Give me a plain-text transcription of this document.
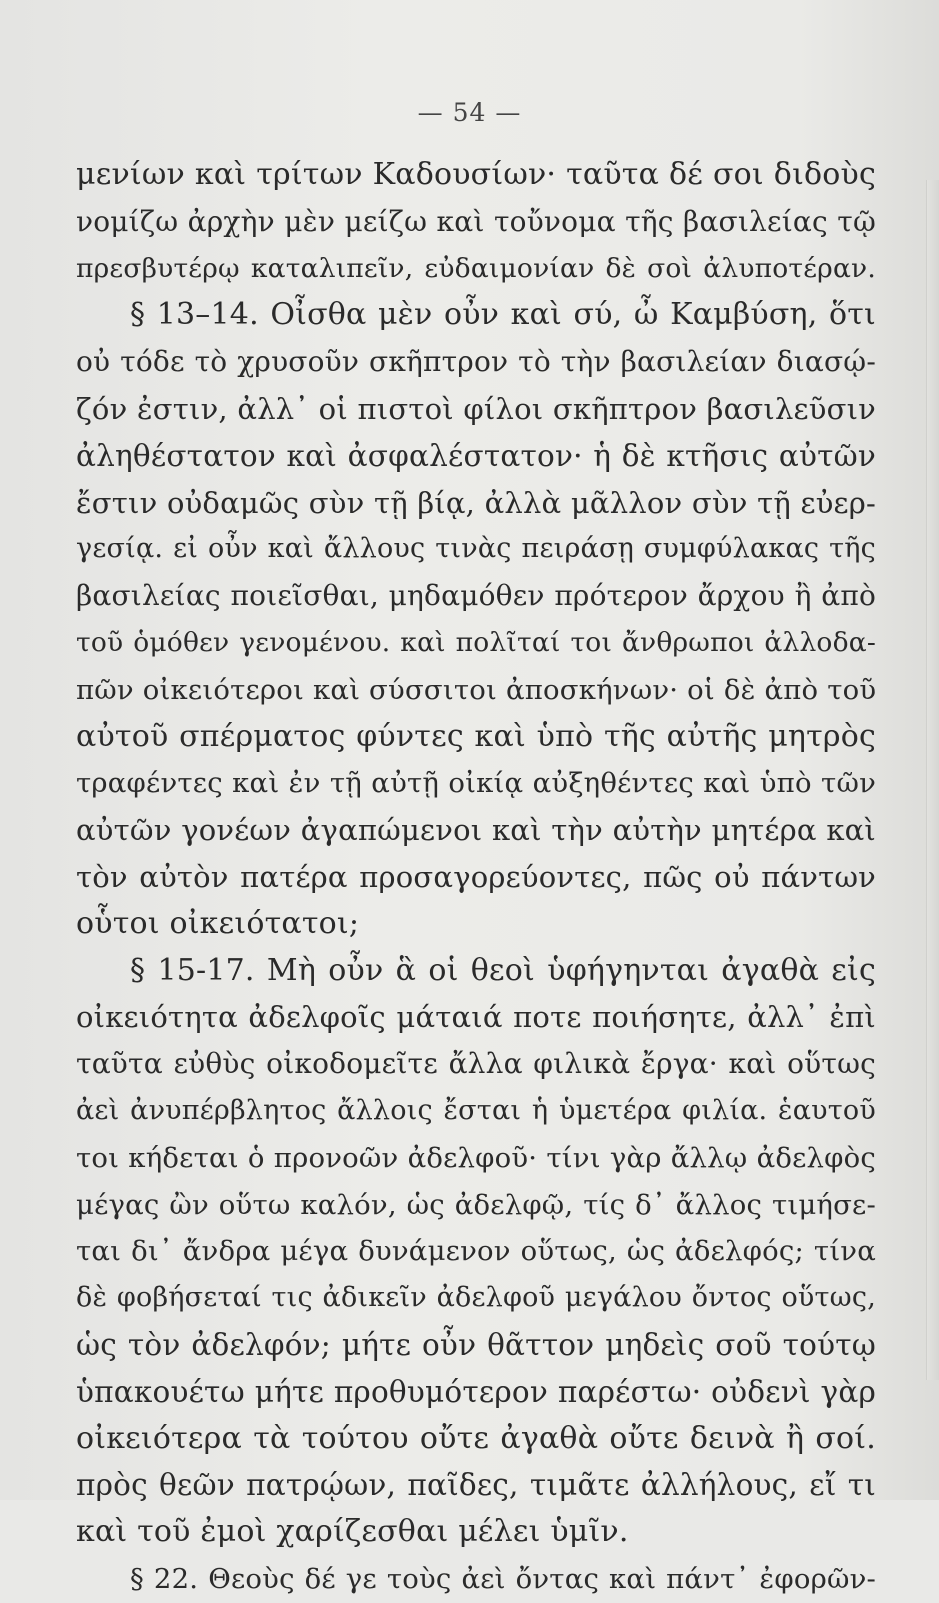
— 54 —
μενίων καὶ τρίτων Καδουσίων· ταῦτα δέ σοι διδοὺς
νομίζω ἀρχὴν μὲν μείζω καὶ τοὔνομα τῆς βασιλείας τῷ
πρεσβυτέρῳ καταλιπεῖν, εὐδαιμονίαν δὲ σοὶ ἀλυποτέραν.
§ 13–14. Οἶσθα μὲν οὖν καὶ σύ, ὦ Καμβύση, ὅτι
οὐ τόδε τὸ χρυσοῦν σκῆπτρον τὸ τὴν βασιλείαν διασῴ-
ζόν ἐστιν, ἀλλ᾿ οἱ πιστοὶ φίλοι σκῆπτρον βασιλεῦσιν
ἀληθέστατον καὶ ἀσφαλέστατον· ἡ δὲ κτῆσις αὐτῶν
ἔστιν οὐδαμῶς σὺν τῇ βίᾳ, ἀλλὰ μᾶλλον σὺν τῇ εὐερ-
γεσίᾳ. εἰ οὖν καὶ ἄλλους τινὰς πειράσῃ συμφύλακας τῆς
βασιλείας ποιεῖσθαι, μηδαμόθεν πρότερον ἄρχου ἢ ἀπὸ
τοῦ ὁμόθεν γενομένου. καὶ πολῖταί τοι ἄνθρωποι ἀλλοδα-
πῶν οἰκειότεροι καὶ σύσσιτοι ἀποσκήνων· οἱ δὲ ἀπὸ τοῦ
αὐτοῦ σπέρματος φύντες καὶ ὑπὸ τῆς αὐτῆς μητρὸς
τραφέντες καὶ ἐν τῇ αὐτῇ οἰκίᾳ αὐξηθέντες καὶ ὑπὸ τῶν
αὐτῶν γονέων ἀγαπώμενοι καὶ τὴν αὐτὴν μητέρα καὶ
τὸν αὐτὸν πατέρα προσαγορεύοντες, πῶς οὐ πάντων
οὗτοι οἰκειότατοι;
§ 15-17. Μὴ οὖν ἃ οἱ θεοὶ ὑφήγηνται ἀγαθὰ εἰς
οἰκειότητα ἀδελφοῖς μάταιά ποτε ποιήσητε, ἀλλ᾿ ἐπὶ
ταῦτα εὐθὺς οἰκοδομεῖτε ἄλλα φιλικὰ ἔργα· καὶ οὕτως
ἀεὶ ἀνυπέρβλητος ἄλλοις ἔσται ἡ ὑμετέρα φιλία. ἑαυτοῦ
τοι κήδεται ὁ προνοῶν ἀδελφοῦ· τίνι γὰρ ἄλλῳ ἀδελφὸς
μέγας ὢν οὕτω καλόν, ὡς ἀδελφῷ, τίς δ᾿ ἄλλος τιμήσε-
ται δι᾿ ἄνδρα μέγα δυνάμενον οὕτως, ὡς ἀδελφός; τίνα
δὲ φοβήσεταί τις ἀδικεῖν ἀδελφοῦ μεγάλου ὄντος οὕτως,
ὡς τὸν ἀδελφόν; μήτε οὖν θᾶττον μηδεὶς σοῦ τούτῳ
ὑπακουέτω μήτε προθυμότερον παρέστω· οὐδενὶ γὰρ
οἰκειότερα τὰ τούτου οὔτε ἀγαθὰ οὔτε δεινὰ ἢ σοί.
πρὸς θεῶν πατρῴων, παῖδες, τιμᾶτε ἀλλήλους, εἴ τι
καὶ τοῦ ἐμοὶ χαρίζεσθαι μέλει ὑμῖν.
§ 22. Θεοὺς δέ γε τοὺς ἀεὶ ὄντας καὶ πάντ᾿ ἐφορῶν-
